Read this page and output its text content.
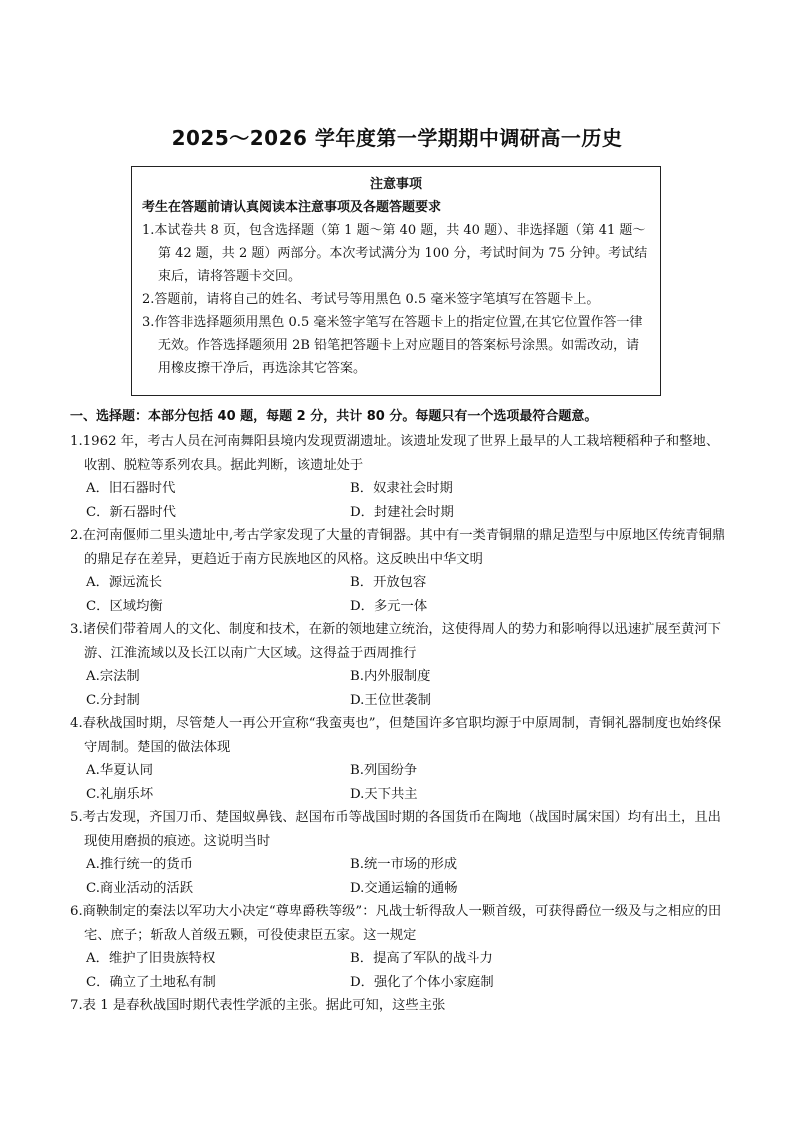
2025～2026 学年度第一学期期中调研高一历史
注意事项
考生在答题前请认真阅读本注意事项及各题答题要求
1.本试卷共 8 页，包含选择题（第 1 题～第 40 题，共 40 题）、非选择题（第 41 题～第 42 题，共 2 题）两部分。本次考试满分为 100 分，考试时间为 75 分钟。考试结束后，请将答题卡交回。
2.答题前，请将自己的姓名、考试号等用黑色 0.5 毫米签字笔填写在答题卡上。
3.作答非选择题须用黑色 0.5 毫米签字笔写在答题卡上的指定位置,在其它位置作答一律无效。作答选择题须用 2B 铅笔把答题卡上对应题目的答案标号涂黑。如需改动，请用橡皮擦干净后，再选涂其它答案。
一、选择题：本部分包括 40 题，每题 2 分，共计 80 分。每题只有一个选项最符合题意。
1.1962 年，考古人员在河南舞阳县境内发现贾湖遗址。该遗址发现了世界上最早的人工栽培粳稻种子和整地、收割、脱粒等系列农具。据此判断，该遗址处于
A．旧石器时代	B．奴隶社会时期
C．新石器时代	D．封建社会时期
2.在河南偃师二里头遗址中,考古学家发现了大量的青铜器。其中有一类青铜鼎的鼎足造型与中原地区传统青铜鼎的鼎足存在差异，更趋近于南方民族地区的风格。这反映出中华文明
A．源远流长	B．开放包容
C．区域均衡	D．多元一体
3.诸侯们带着周人的文化、制度和技术，在新的领地建立统治，这使得周人的势力和影响得以迅速扩展至黄河下游、江淮流域以及长江以南广大区域。这得益于西周推行
A.宗法制	B.内外服制度
C.分封制	D.王位世袭制
4.春秋战国时期，尽管楚人一再公开宣称“我蛮夷也”，但楚国许多官职均源于中原周制，青铜礼器制度也始终保守周制。楚国的做法体现
A.华夏认同	B.列国纷争
C.礼崩乐坏	D.天下共主
5.考古发现，齐国刀币、楚国蚁鼻钱、赵国布币等战国时期的各国货币在陶地（战国时属宋国）均有出土，且出现使用磨损的痕迹。这说明当时
A.推行统一的货币	B.统一市场的形成
C.商业活动的活跃	D.交通运输的通畅
6.商鞅制定的秦法以军功大小决定“尊卑爵秩等级”：凡战士斩得敌人一颗首级，可获得爵位一级及与之相应的田宅、庶子；斩敌人首级五颗，可役使隶臣五家。这一规定
A．维护了旧贵族特权	B．提高了军队的战斗力
C．确立了土地私有制	D．强化了个体小家庭制
7.表 1 是春秋战国时期代表性学派的主张。据此可知，这些主张
